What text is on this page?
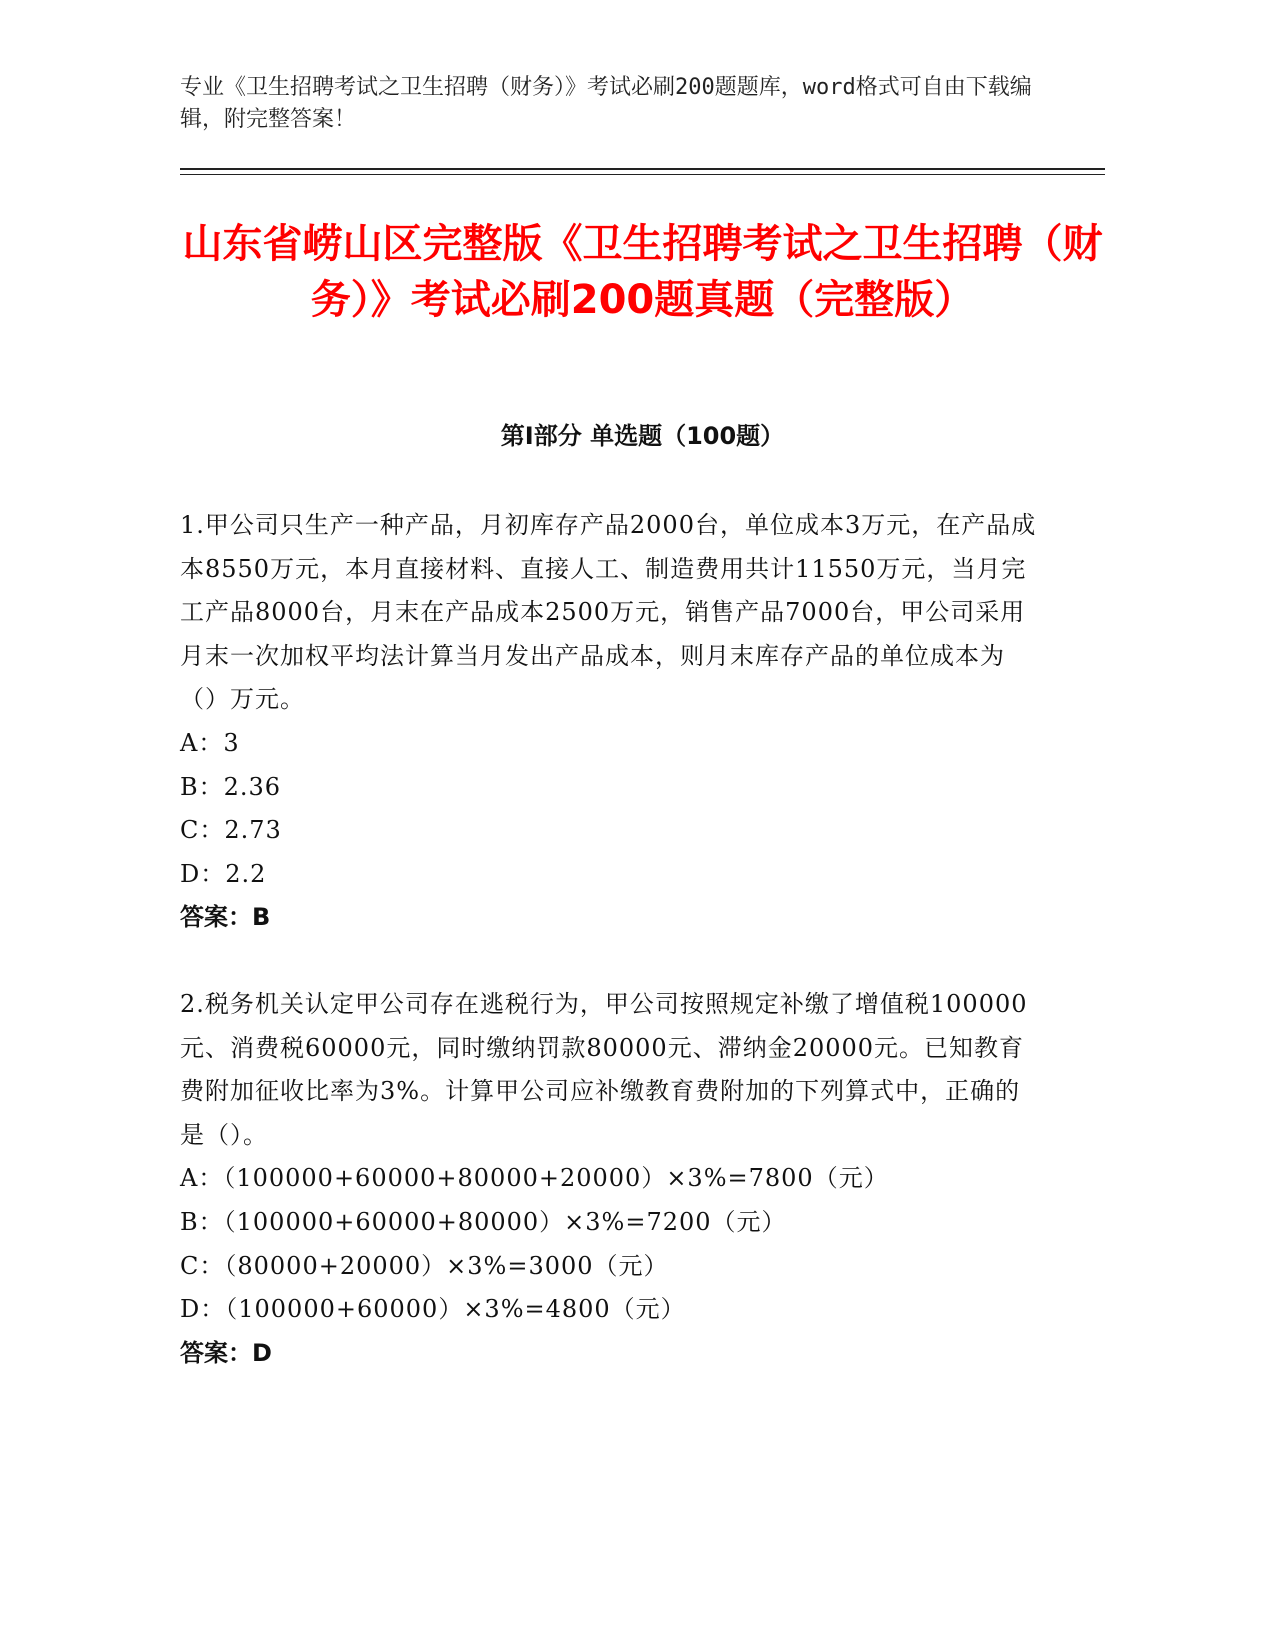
专业《卫生招聘考试之卫生招聘（财务）》考试必刷200题题库，word格式可自由下载编辑，附完整答案！
山东省崂山区完整版《卫生招聘考试之卫生招聘（财务）》考试必刷200题真题（完整版）
第I部分 单选题（100题）

1.甲公司只生产一种产品，月初库存产品2000台，单位成本3万元，在产品成本8550万元，本月直接材料、直接人工、制造费用共计11550万元，当月完工产品8000台，月末在产品成本2500万元，销售产品7000台，甲公司采用月末一次加权平均法计算当月发出产品成本，则月末库存产品的单位成本为（）万元。

A：3

B：2.36

C：2.73

D：2.2

答案：B

2.税务机关认定甲公司存在逃税行为，甲公司按照规定补缴了增值税100000元、消费税60000元，同时缴纳罚款80000元、滞纳金20000元。已知教育费附加征收比率为3%。计算甲公司应补缴教育费附加的下列算式中，正确的是（）。

A：（100000+60000+80000+20000）×3%=7800（元）

B：（100000+60000+80000）×3%=7200（元）

C：（80000+20000）×3%=3000（元）

D：（100000+60000）×3%=4800（元）

答案：D
